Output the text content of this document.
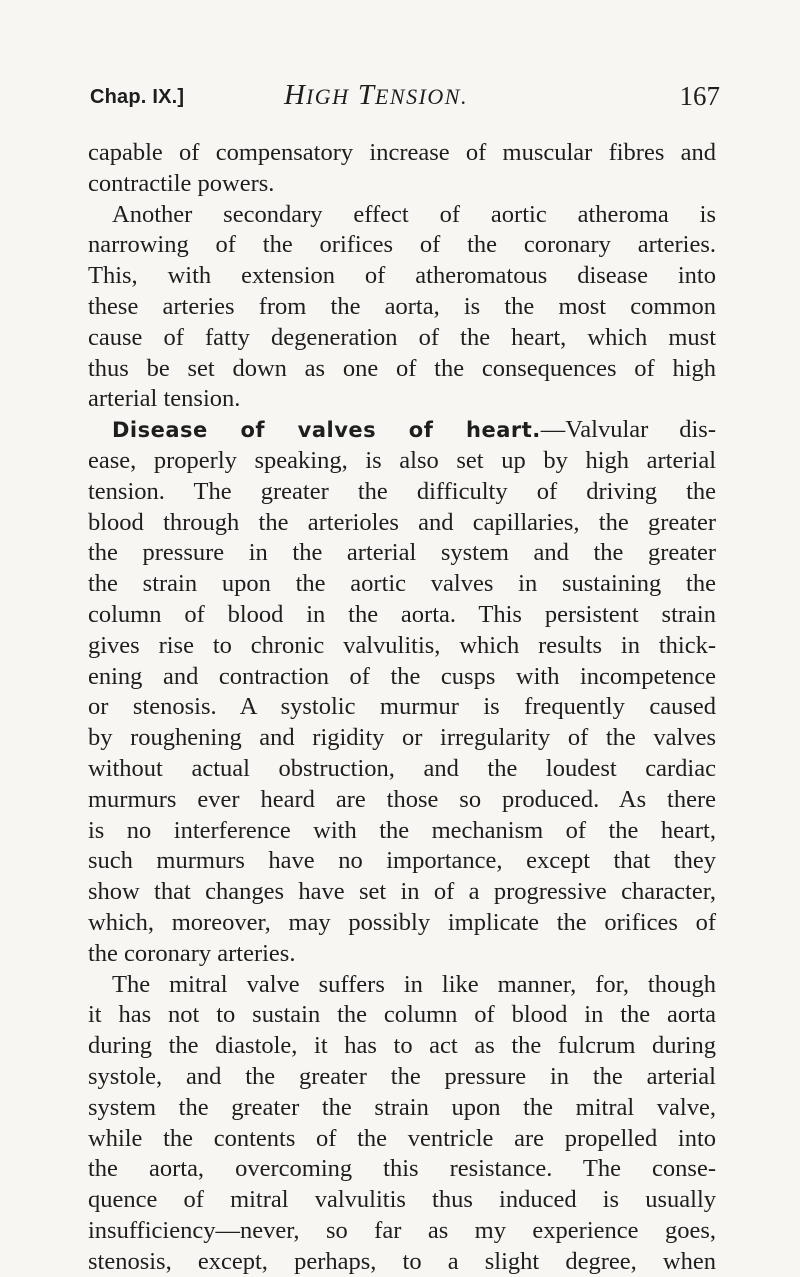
Chap. IX.]	HIGH TENSION.	167
capable of compensatory increase of muscular fibres and
contractile powers.
Another secondary effect of aortic atheroma is
narrowing of the orifices of the coronary arteries.
This, with extension of atheromatous disease into
these arteries from the aorta, is the most common
cause of fatty degeneration of the heart, which must
thus be set down as one of the consequences of high
arterial tension.
Disease of valves of heart.—Valvular dis-
ease, properly speaking, is also set up by high arterial
tension. The greater the difficulty of driving the
blood through the arterioles and capillaries, the greater
the pressure in the arterial system and the greater
the strain upon the aortic valves in sustaining the
column of blood in the aorta. This persistent strain
gives rise to chronic valvulitis, which results in thick-
ening and contraction of the cusps with incompetence
or stenosis. A systolic murmur is frequently caused
by roughening and rigidity or irregularity of the valves
without actual obstruction, and the loudest cardiac
murmurs ever heard are those so produced. As there
is no interference with the mechanism of the heart,
such murmurs have no importance, except that they
show that changes have set in of a progressive character,
which, moreover, may possibly implicate the orifices of
the coronary arteries.
The mitral valve suffers in like manner, for, though
it has not to sustain the column of blood in the aorta
during the diastole, it has to act as the fulcrum during
systole, and the greater the pressure in the arterial
system the greater the strain upon the mitral valve,
while the contents of the ventricle are propelled into
the aorta, overcoming this resistance. The conse-
quence of mitral valvulitis thus induced is usually
insufficiency—never, so far as my experience goes,
stenosis, except, perhaps, to a slight degree, when
